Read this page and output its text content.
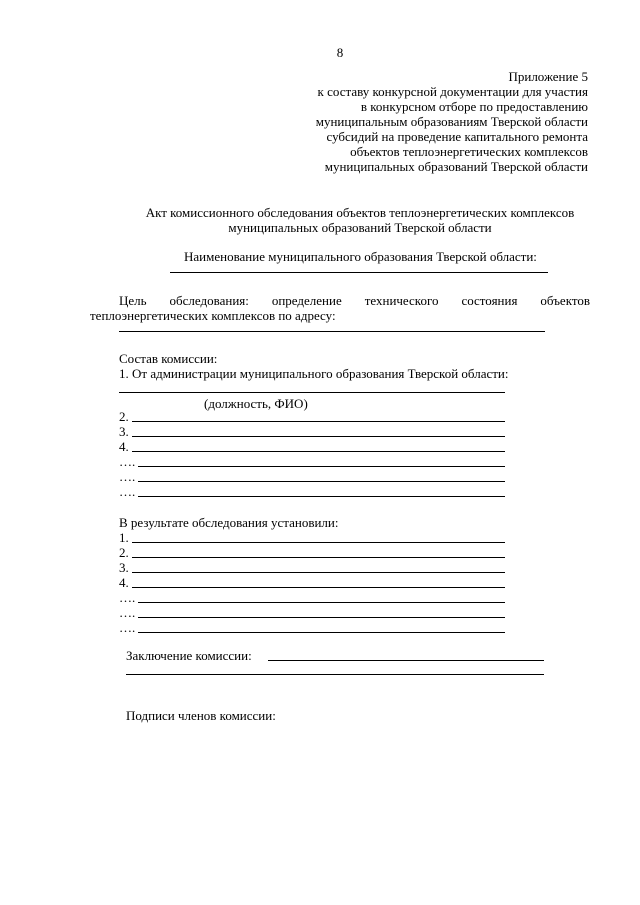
8
Приложение 5
к составу конкурсной документации для участия
в конкурсном отборе по предоставлению
муниципальным образованиям Тверской области
субсидий на проведение капитального ремонта
объектов теплоэнергетических комплексов
муниципальных образований Тверской области
Акт комиссионного обследования объектов теплоэнергетических комплексов
муниципальных образований Тверской области
Наименование муниципального образования Тверской области:
Цель обследования: определение технического состояния объектов
теплоэнергетических комплексов по адресу:
Состав комиссии:
1. От администрации муниципального образования Тверской области:
(должность, ФИО)
2.
3.
4.
….
….
….
В результате обследования установили:
1.
2.
3.
4.
….
….
….
Заключение комиссии:
Подписи членов комиссии:
